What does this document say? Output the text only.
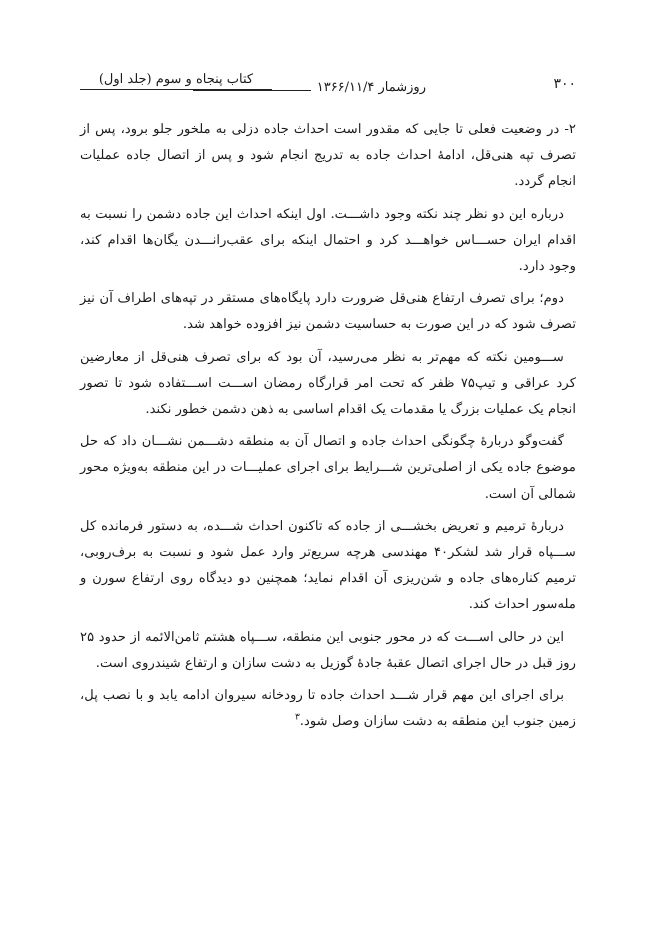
۳۰۰
روزشمار ۱۳۶۶/۱۱/۴
کتاب پنجاه و سوم (جلد اول)

۲- در وضعیت فعلی تا جایی که مقدور است احداث جاده دزلی به ملخور جلو برود، پس از تصرف تپه هنی‌قل، ادامهٔ احداث جاده به تدریج انجام شود و پس از اتصال جاده عملیات انجام گردد.

درباره این دو نظر چند نکته وجود داشـــت. اول اینکه احداث این جاده دشمن را نسبت به اقدام ایران حســـاس خواهـــد کرد و احتمال اینکه برای عقب‌رانـــدن یگان‌ها اقدام کند، وجود دارد.

دوم؛ برای تصرف ارتفاع هنی‌قل ضرورت دارد پایگاه‌های مستقر در تپه‌های اطراف آن نیز تصرف شود که در این صورت به حساسیت دشمن نیز افزوده خواهد شد.

ســـومین نکته که مهم‌تر به نظر می‌رسید، آن بود که برای تصرف هنی‌قل از معارضین کرد عراقی و تیپ۷۵ ظفر که تحت امر قرارگاه رمضان اســـت اســـتفاده شود تا تصور انجام یک عملیات بزرگ یا مقدمات یک اقدام اساسی به ذهن دشمن خطور نکند.

گفت‌وگو دربارهٔ چگونگی احداث جاده و اتصال آن به منطقه دشـــمن نشـــان داد که حل موضوع جاده یکی از اصلی‌ترین شـــرایط برای اجرای عملیـــات در این منطقه به‌ویژه محور شمالی آن است.

دربارهٔ ترمیم و تعریض بخشـــی از جاده که تاکنون احداث شـــده، به دستور فرمانده کل ســـپاه قرار شد لشکر۴۰ مهندسی هرچه سریع‌تر وارد عمل شود و نسبت به برف‌روبی، ترمیم کناره‌های جاده و شن‌ریزی آن اقدام نماید؛ همچنین دو دیدگاه روی ارتفاع سورن و مله‌سور احداث کند.

این در حالی اســـت که در محور جنوبی این منطقه، ســـپاه هشتم ثامن‌الائمه از حدود ۲۵ روز قبل در حال اجرای اتصال عقبهٔ جادهٔ گوزیل به دشت سازان و ارتفاع شیندروی است.

برای اجرای این مهم قرار شـــد احداث جاده تا رودخانه سیروان ادامه یابد و با نصب پل، زمین جنوب این منطقه به دشت سازان وصل شود.$^۳$
